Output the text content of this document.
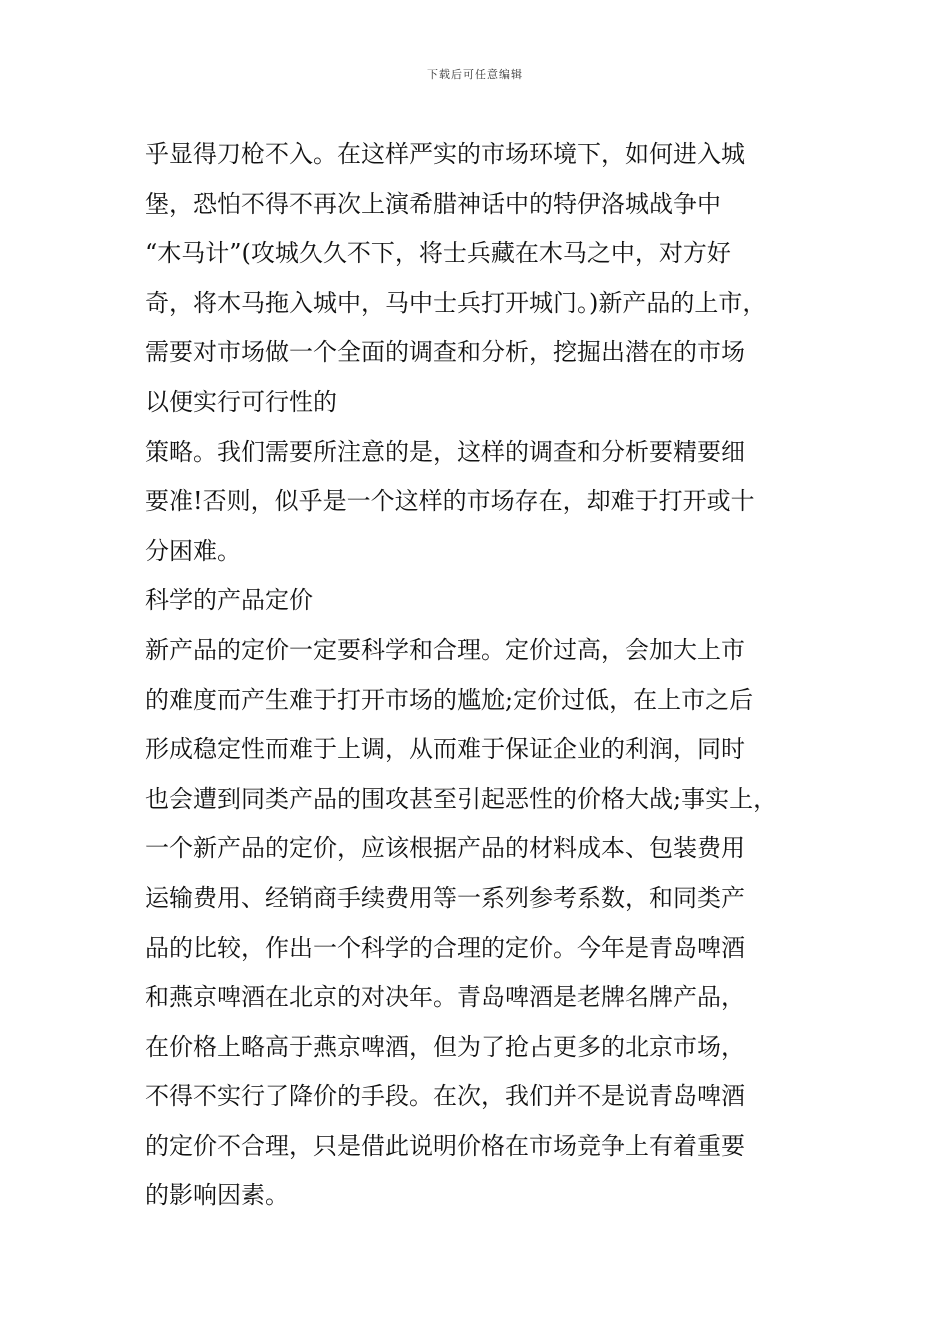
下载后可任意编辑
乎显得刀枪不入。在这样严实的市场环境下，如何进入城
堡，恐怕不得不再次上演希腊神话中的特伊洛城战争中
“木马计”(攻城久久不下，将士兵藏在木马之中，对方好
奇，将木马拖入城中，马中士兵打开城门。)新产品的上市，
需要对市场做一个全面的调查和分析，挖掘出潜在的市场
以便实行可行性的
策略。我们需要所注意的是，这样的调查和分析要精要细
要准!否则，似乎是一个这样的市场存在，却难于打开或十
分困难。
科学的产品定价
新产品的定价一定要科学和合理。定价过高，会加大上市
的难度而产生难于打开市场的尴尬;定价过低，在上市之后
形成稳定性而难于上调，从而难于保证企业的利润，同时
也会遭到同类产品的围攻甚至引起恶性的价格大战;事实上，
一个新产品的定价，应该根据产品的材料成本、包装费用
运输费用、经销商手续费用等一系列参考系数，和同类产
品的比较，作出一个科学的合理的定价。今年是青岛啤酒
和燕京啤酒在北京的对决年。青岛啤酒是老牌名牌产品，
在价格上略高于燕京啤酒，但为了抢占更多的北京市场，
不得不实行了降价的手段。在次，我们并不是说青岛啤酒
的定价不合理，只是借此说明价格在市场竞争上有着重要
的影响因素。
